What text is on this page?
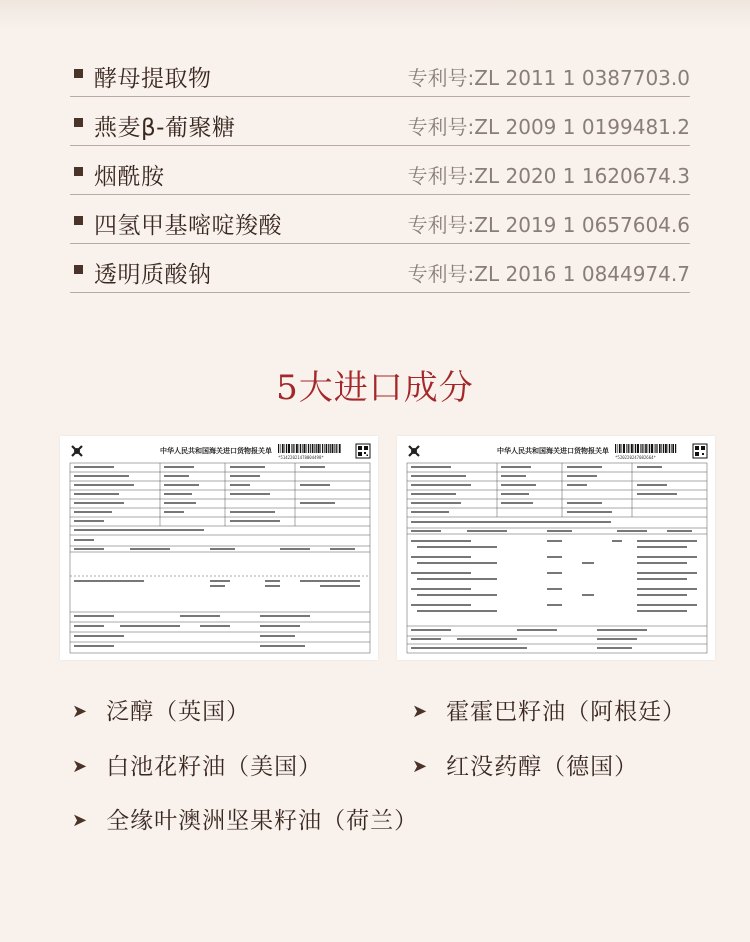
酵母提取物	专利号:ZL 2011 1 0387703.0
燕麦β-葡聚糖	专利号:ZL 2009 1 0199481.2
烟酰胺	专利号:ZL 2020 1 1620674.3
四氢甲基嘧啶羧酸	专利号:ZL 2019 1 0657604.6
透明质酸钠	专利号:ZL 2016 1 0844974.7
5大进口成分
中华人民共和国海关进口货物报关单
*51422021478004498*
中华人民共和国海关进口货物报关单
*520220247082664*
➤ 泛醇（英国）	➤ 霍霍巴籽油（阿根廷）
➤ 白池花籽油（美国）	➤ 红没药醇（德国）
➤ 全缘叶澳洲坚果籽油（荷兰）
